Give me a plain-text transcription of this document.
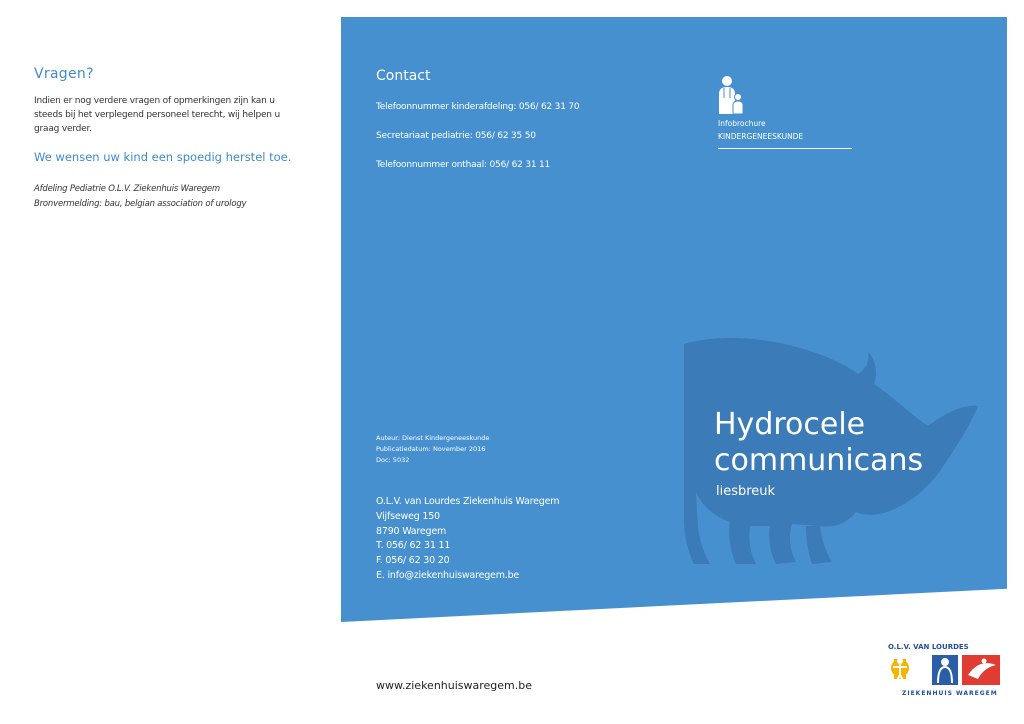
Vragen?

Indien er nog verdere vragen of opmerkingen zijn kan u steeds bij het verplegend personeel terecht, wij helpen u graag verder.

We wensen uw kind een spoedig herstel toe.

Afdeling Pediatrie O.L.V. Ziekenhuis Waregem
Bronvermelding: bau, belgian association of urology
Contact
Telefoonnummer kinderafdeling: 056/ 62 31 70
Secretariaat pediatrie: 056/ 62 35 50
Telefoonnummer onthaal: 056/ 62 31 11
Infobrochure
KINDERGENEESKUNDE
Auteur: Dienst Kindergeneeskunde
Publicatiedatum: November 2016
Doc: 5032
O.L.V. van Lourdes Ziekenhuis Waregem
Vijfseweg 150
8790 Waregem
T. 056/ 62 31 11
F. 056/ 62 30 20
E. info@ziekenhuiswaregem.be
Hydrocele
communicans
liesbreuk
www.ziekenhuiswaregem.be
O.L.V. VAN LOURDES
ZIEKENHUIS WAREGEM
